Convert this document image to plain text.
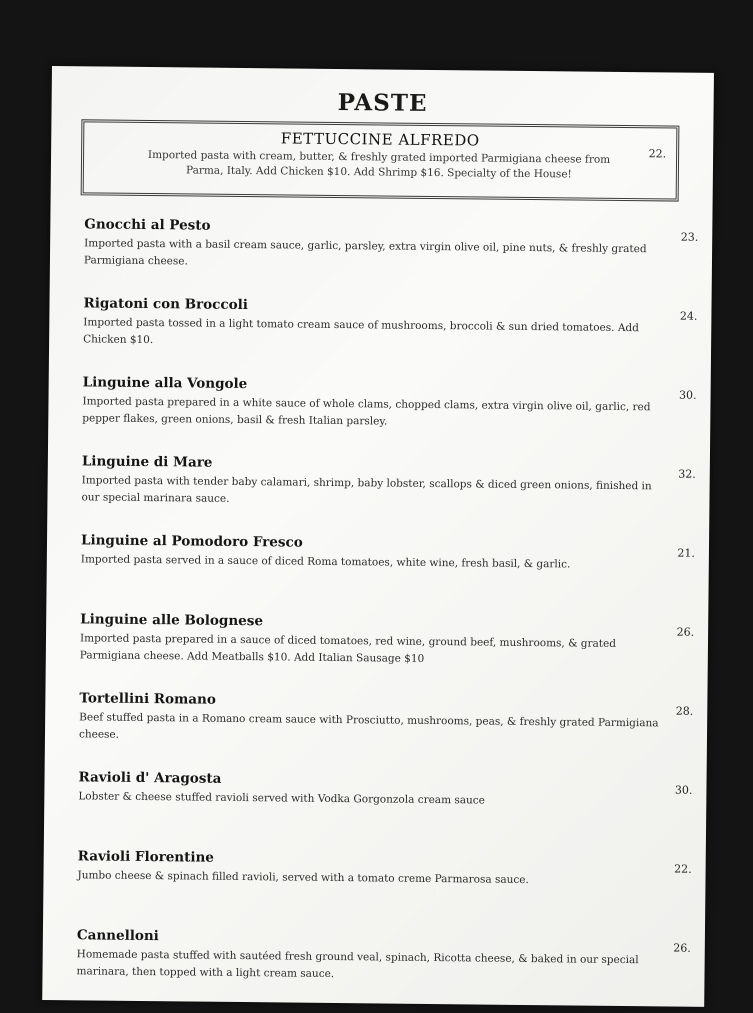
PASTE
FETTUCCINE ALFREDO
Imported pasta with cream, butter, & freshly grated imported Parmigiana cheese from Parma, Italy. Add Chicken $10. Add Shrimp $16. Specialty of the House!
22.
Gnocchi al Pesto
Imported pasta with a basil cream sauce, garlic, parsley, extra virgin olive oil, pine nuts, & freshly grated Parmigiana cheese.
23.
Rigatoni con Broccoli
Imported pasta tossed in a light tomato cream sauce of mushrooms, broccoli & sun dried tomatoes. Add Chicken $10.
24.
Linguine alla Vongole
Imported pasta prepared in a white sauce of whole clams, chopped clams, extra virgin olive oil, garlic, red pepper flakes, green onions, basil & fresh Italian parsley.
30.
Linguine di Mare
Imported pasta with tender baby calamari, shrimp, baby lobster, scallops & diced green onions, finished in our special marinara sauce.
32.
Linguine al Pomodoro Fresco
Imported pasta served in a sauce of diced Roma tomatoes, white wine, fresh basil, & garlic.
21.
Linguine alle Bolognese
Imported pasta prepared in a sauce of diced tomatoes, red wine, ground beef, mushrooms, & grated Parmigiana cheese. Add Meatballs $10. Add Italian Sausage $10
26.
Tortellini Romano
Beef stuffed pasta in a Romano cream sauce with Prosciutto, mushrooms, peas, & freshly grated Parmigiana cheese.
28.
Ravioli d' Aragosta
Lobster & cheese stuffed ravioli served with Vodka Gorgonzola cream sauce
30.
Ravioli Florentine
Jumbo cheese & spinach filled ravioli, served with a tomato creme Parmarosa sauce.
22.
Cannelloni
Homemade pasta stuffed with sautéed fresh ground veal, spinach, Ricotta cheese, & baked in our special marinara, then topped with a light cream sauce.
26.
